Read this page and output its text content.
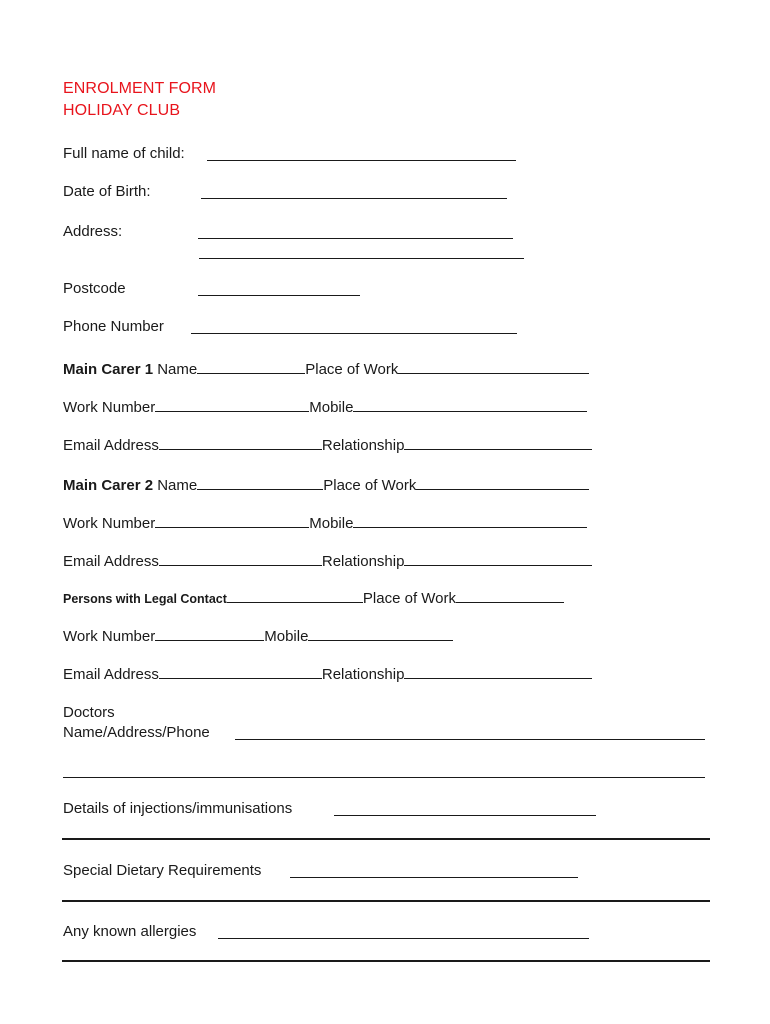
ENROLMENT FORM
HOLIDAY CLUB
Full name of child:
Date of Birth:
Address:
Postcode
Phone Number
Main Carer 1 Name	Place of Work
Work Number	Mobile
Email Address	Relationship
Main Carer 2 Name	Place of Work
Work Number	Mobile
Email Address	Relationship
Persons with Legal Contact	Place of Work
Work Number	Mobile
Email Address	Relationship
Doctors
Name/Address/Phone
Details of injections/immunisations
Special Dietary Requirements
Any known allergies
